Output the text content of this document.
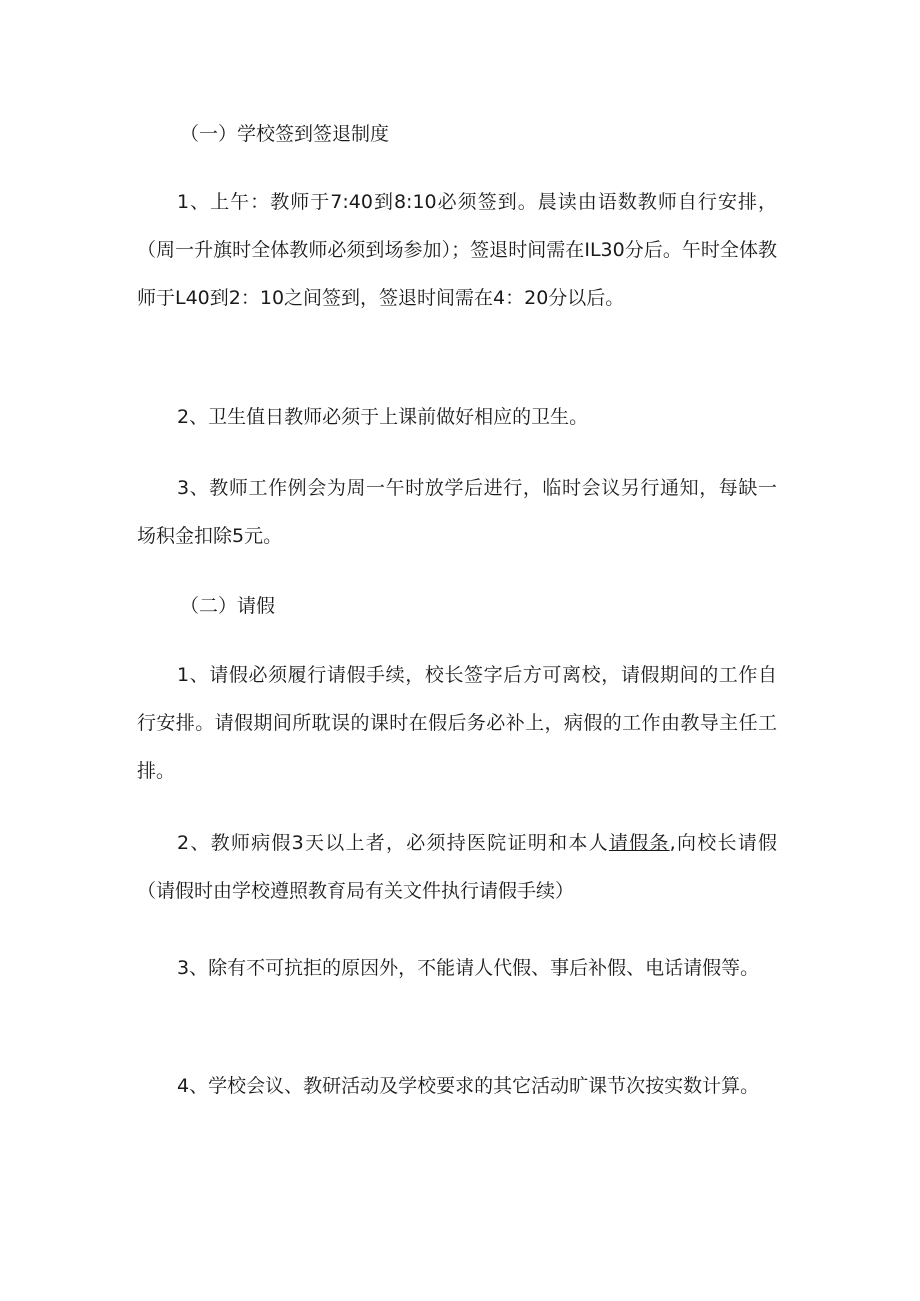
（一）学校签到签退制度

1、上午：教师于7:40到8:10必须签到。晨读由语数教师自行安排，（周一升旗时全体教师必须到场参加）；签退时间需在IL30分后。午时全体教师于L40到2：10之间签到，签退时间需在4：20分以后。

2、卫生值日教师必须于上课前做好相应的卫生。

3、教师工作例会为周一午时放学后进行，临时会议另行通知，每缺一场积金扣除5元。

（二）请假

1、请假必须履行请假手续，校长签字后方可离校，请假期间的工作自行安排。请假期间所耽误的课时在假后务必补上，病假的工作由教导主任工排。

2、教师病假3天以上者，必须持医院证明和本人请假条,向校长请假（请假时由学校遵照教育局有关文件执行请假手续）

3、除有不可抗拒的原因外，不能请人代假、事后补假、电话请假等。

4、学校会议、教研活动及学校要求的其它活动旷课节次按实数计算。
